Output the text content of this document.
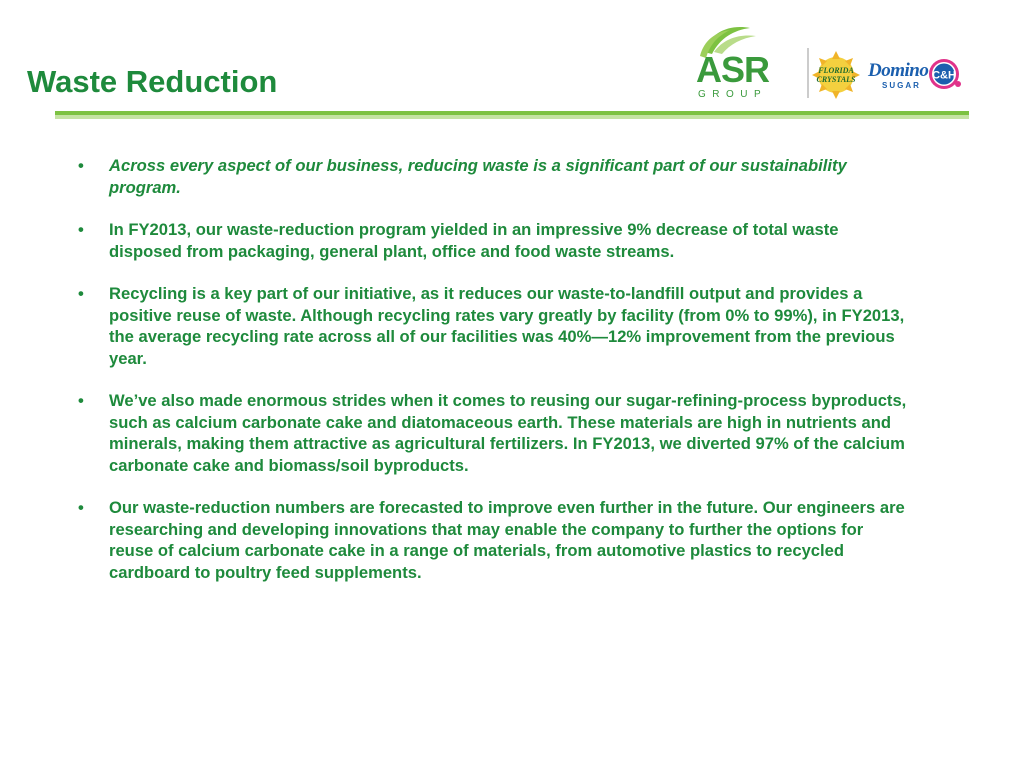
Waste Reduction	ASR
GROUP
FLORIDA
CRYSTALS Domino
SUGAR
C&H
• Across every aspect of our business, reducing waste is a significant part of our sustainability program.
• In FY2013, our waste-reduction program yielded in an impressive 9% decrease of total waste disposed from packaging, general plant, office and food waste streams.
• Recycling is a key part of our initiative, as it reduces our waste-to-landfill output and provides a positive reuse of waste. Although recycling rates vary greatly by facility (from 0% to 99%), in FY2013, the average recycling rate across all of our facilities was 40%—12% improvement from the previous year.
• We’ve also made enormous strides when it comes to reusing our sugar-refining-process byproducts, such as calcium carbonate cake and diatomaceous earth. These materials are high in nutrients and minerals, making them attractive as agricultural fertilizers. In FY2013, we diverted 97% of the calcium carbonate cake and biomass/soil byproducts.
• Our waste-reduction numbers are forecasted to improve even further in the future. Our engineers are researching and developing innovations that may enable the company to further the options for reuse of calcium carbonate cake in a range of materials, from automotive plastics to recycled cardboard to poultry feed supplements.
